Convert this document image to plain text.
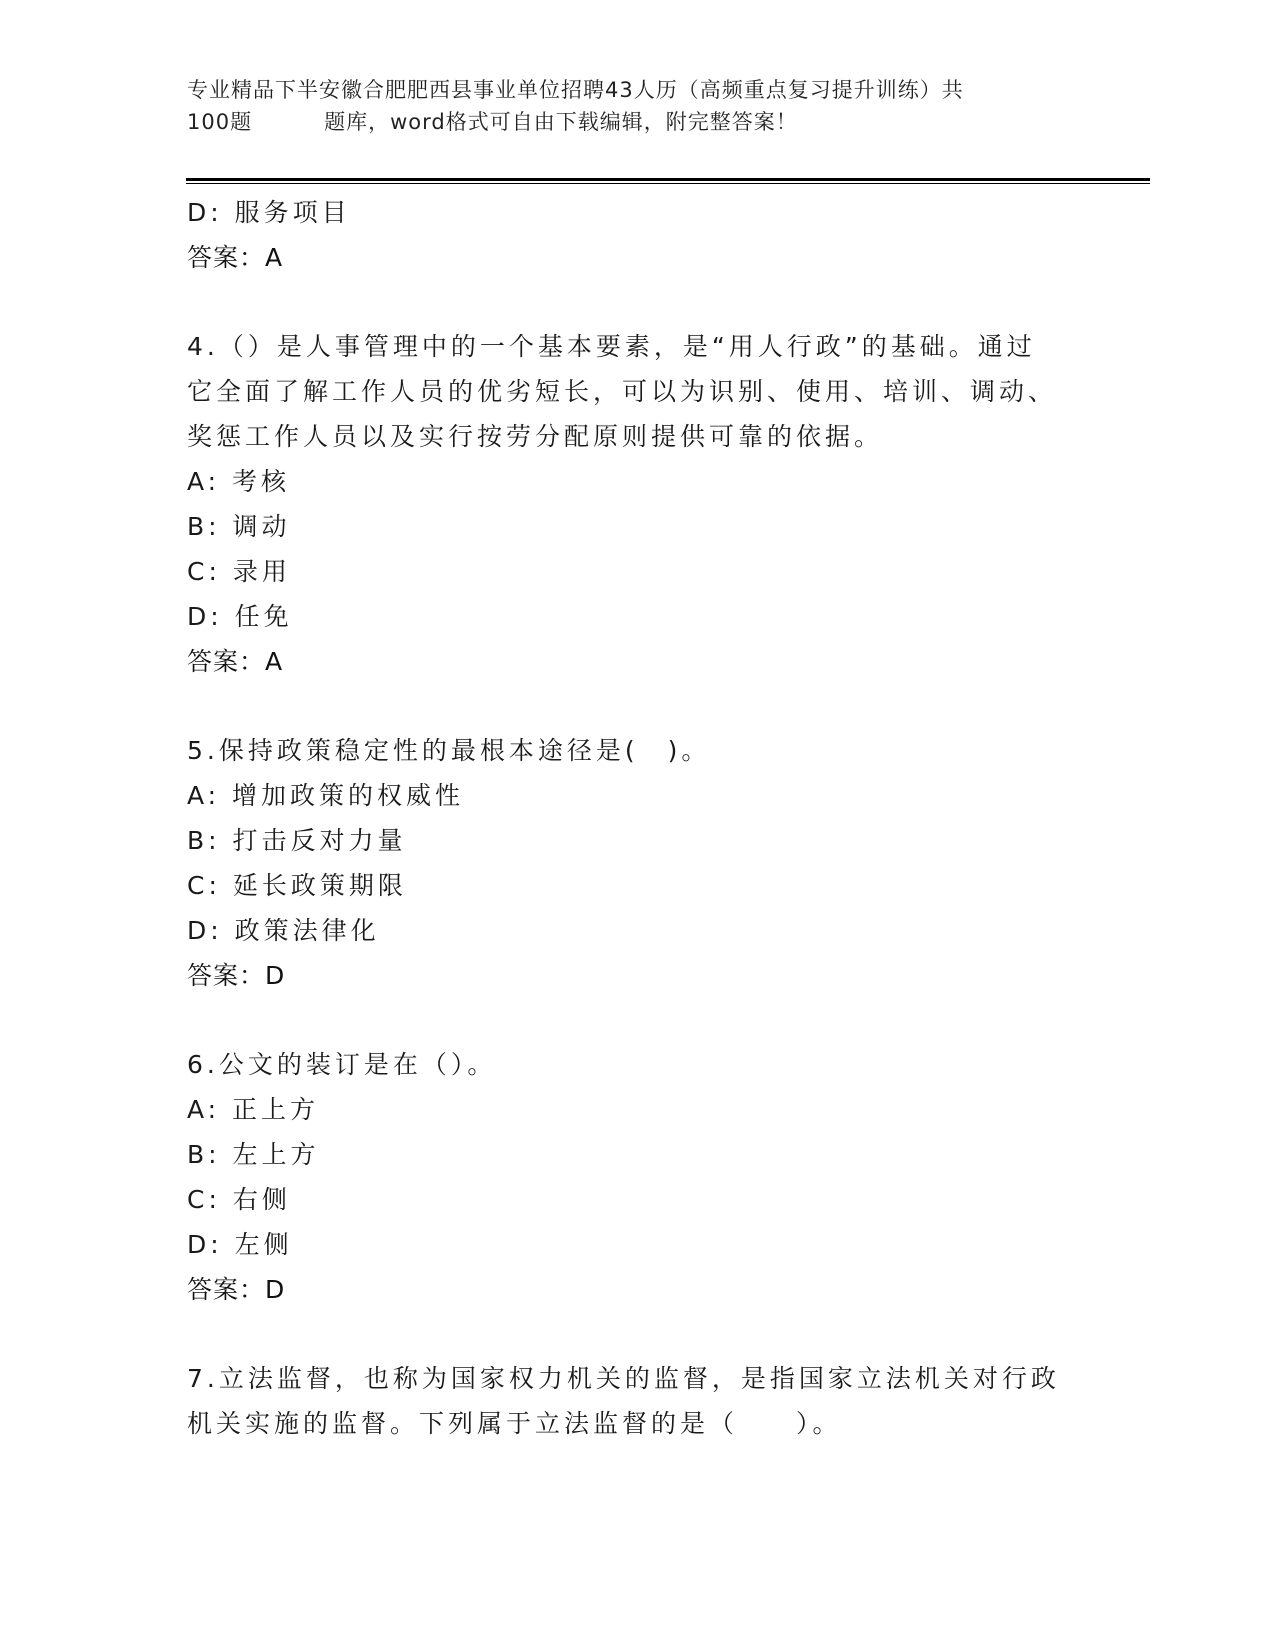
专业精品下半安徽合肥肥西县事业单位招聘43人历（高频重点复习提升训练）共
100题	题库，word格式可自由下载编辑，附完整答案！
D: 服务项目
答案：A
4.（）是人事管理中的一个基本要素，是“用人行政”的基础。通过
它全面了解工作人员的优劣短长，可以为识别、使用、培训、调动、
奖惩工作人员以及实行按劳分配原则提供可靠的依据。
A: 考核
B: 调动
C: 录用
D: 任免
答案：A
5.保持政策稳定性的最根本途径是(　)。
A: 增加政策的权威性
B: 打击反对力量
C: 延长政策期限
D: 政策法律化
答案：D
6.公文的装订是在（）。
A: 正上方
B: 左上方
C: 右侧
D: 左侧
答案：D
7.立法监督，也称为国家权力机关的监督，是指国家立法机关对行政
机关实施的监督。下列属于立法监督的是（　　）。
